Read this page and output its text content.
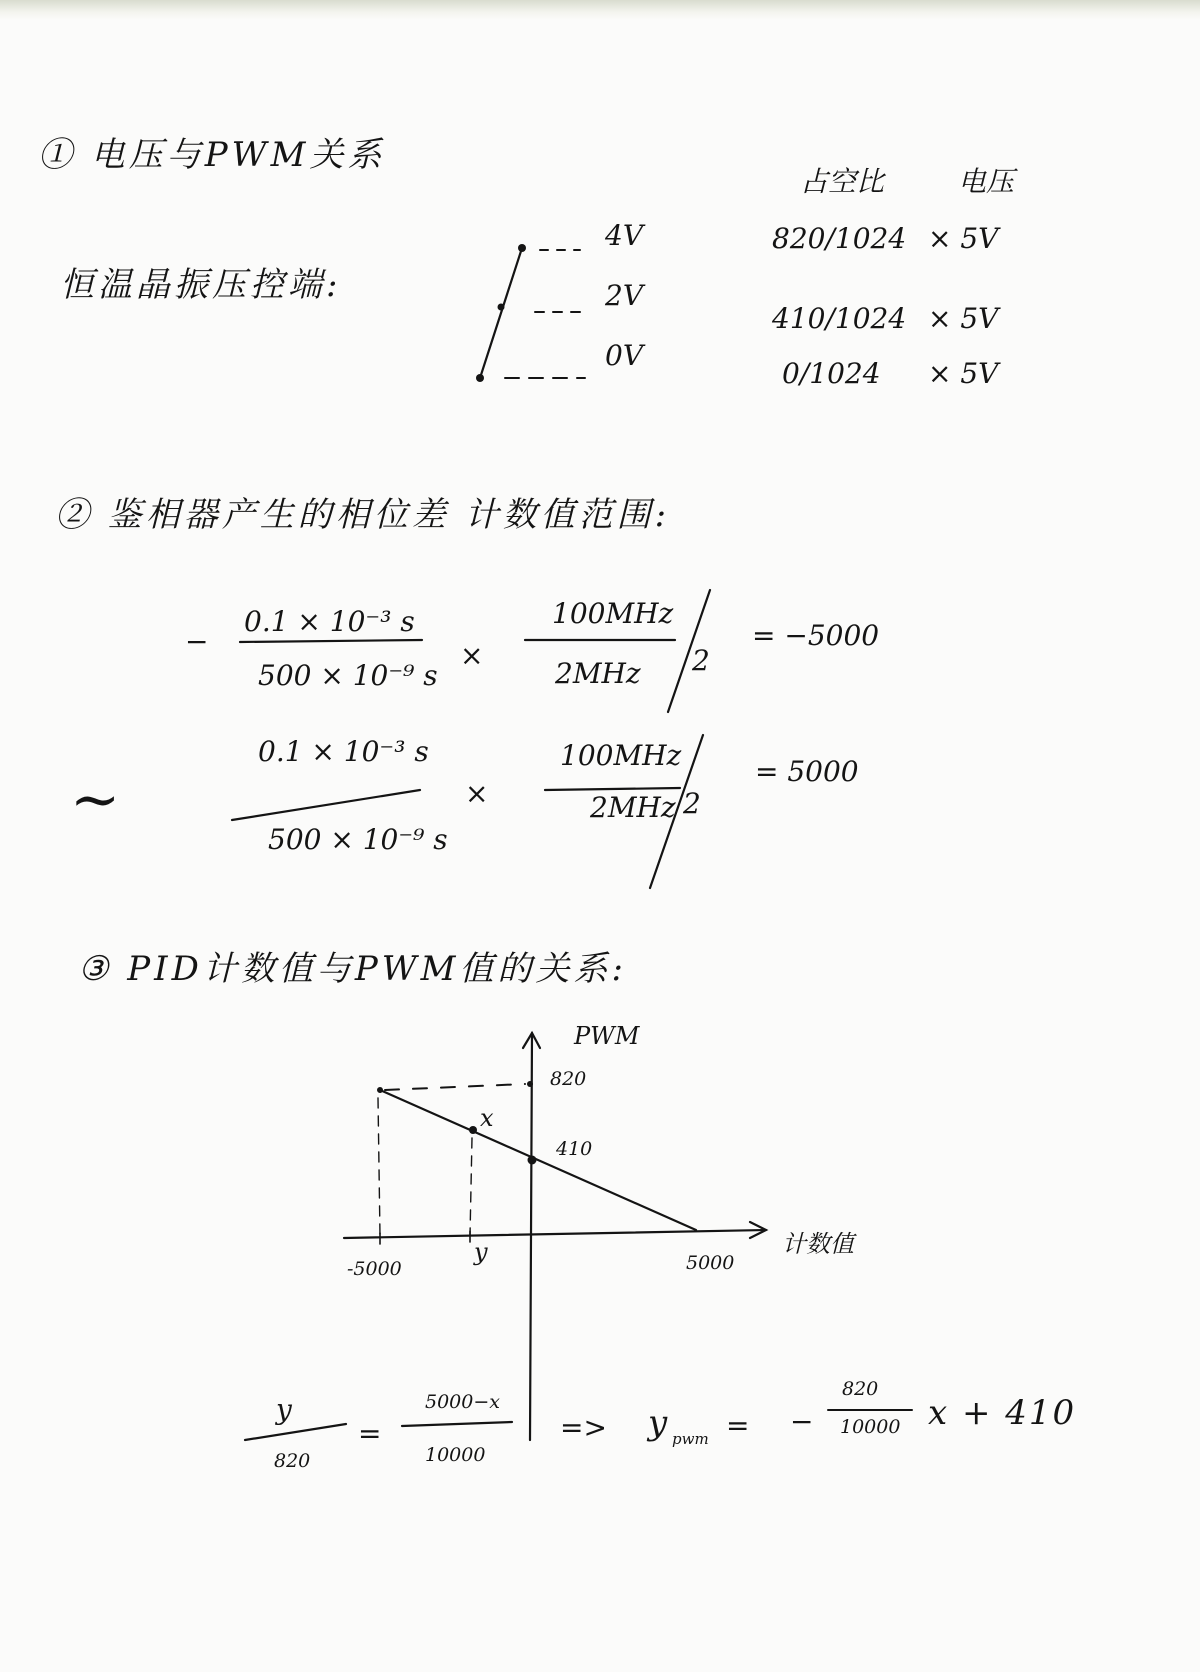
① 电压与PWM关系
恒温晶振压控端:
4V
2V
0V
占空比	电压
820/1024 × 5V
410/1024 × 5V
0/1024 × 5V
② 鉴相器产生的相位差 计数值范围:
−
0.1 × 10⁻³ s
500 × 10⁻⁹ s
×
100MHz
2MHz 2
= −5000
~
0.1 × 10⁻³ s
500 × 10⁻⁹ s
×
100MHz
2MHz 2
= 5000
③ PID计数值与PWM值的关系:
PWM
820
410
-5000	5000
计数值
x
y
y
820
=
5000−x
10000
=> y pwm = −
820
10000 x + 410
